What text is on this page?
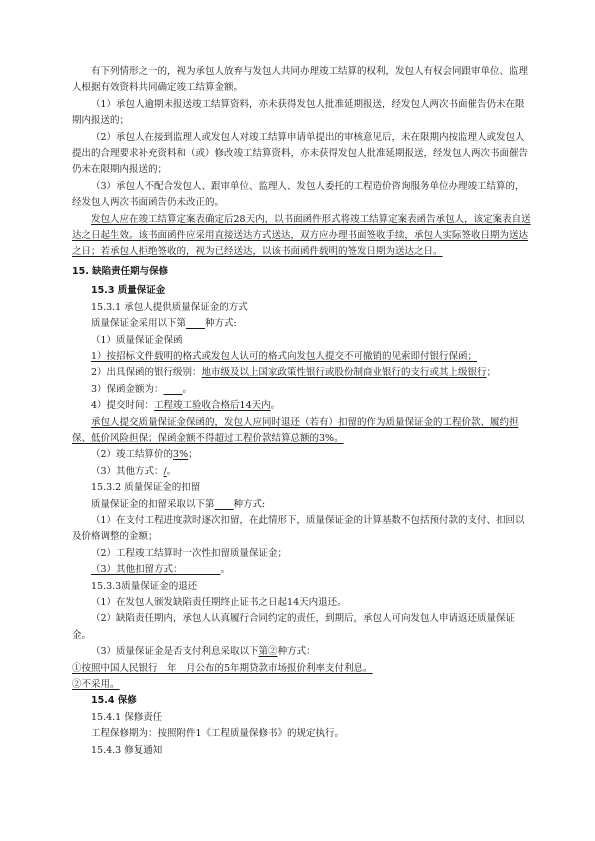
有下列情形之一的，视为承包人放弃与发包人共同办理竣工结算的权利，发包人有权会同跟审单位、监理人根据有效资料共同确定竣工结算金额。

（1）承包人逾期未报送竣工结算资料，亦未获得发包人批准延期报送，经发包人两次书面催告仍未在限期内报送的；

（2）承包人在接到监理人或发包人对竣工结算申请单提出的审核意见后，未在限期内按监理人或发包人提出的合理要求补充资料和（或）修改竣工结算资料，亦未获得发包人批准延期报送，经发包人两次书面催告仍未在限期内报送的；

（3）承包人不配合发包人、跟审单位、监理人、发包人委托的工程造价咨询服务单位办理竣工结算的，经发包人两次书面函告仍未改正的。

发包人应在竣工结算定案表确定后28天内，以书面函件形式将竣工结算定案表函告承包人，该定案表自送达之日起生效。该书面函件应采用直接送达方式送达，双方应办理书面签收手续，承包人实际签收日期为送达之日；若承包人拒绝签收的，视为已经送达，以该书面函件载明的签发日期为送达之日。

15. 缺陷责任期与保修

15.3 质量保证金

15.3.1 承包人提供质量保证金的方式

质量保证金采用以下第____种方式:

（1）质量保证金保函

1）按招标文件载明的格式或发包人认可的格式向发包人提交不可撤销的见索即付银行保函；

2）出具保函的银行级别：地市级及以上国家政策性银行或股份制商业银行的支行或其上级银行；

3）保函金额为：____。

4）提交时间：工程竣工验收合格后14天内。

承包人提交质量保证金保函的，发包人应同时退还（若有）扣留的作为质量保证金的工程价款、履约担保、低价风险担保；保函金额不得超过工程价款结算总额的3%。

（2）竣工结算价的3%；

（3）其他方式：/。

15.3.2 质量保证金的扣留

质量保证金的扣留采取以下第____种方式:

（1）在支付工程进度款时逐次扣留，在此情形下，质量保证金的计算基数不包括预付款的支付、扣回以及价格调整的金额；

（2）工程竣工结算时一次性扣留质量保证金；

（3）其他扣留方式：________。

15.3.3质量保证金的退还

（1）在发包人颁发缺陷责任期终止证书之日起14天内退还。

（2）缺陷责任期内，承包人认真履行合同约定的责任，到期后，承包人可向发包人申请返还质量保证金。

（3）质量保证金是否支付利息采取以下第②种方式：

①按照中国人民银行　年　月公布的5年期贷款市场报价利率支付利息。

②不采用。

15.4 保修

15.4.1 保修责任

工程保修期为：按照附件1《工程质量保修书》的规定执行。

15.4.3 修复通知
